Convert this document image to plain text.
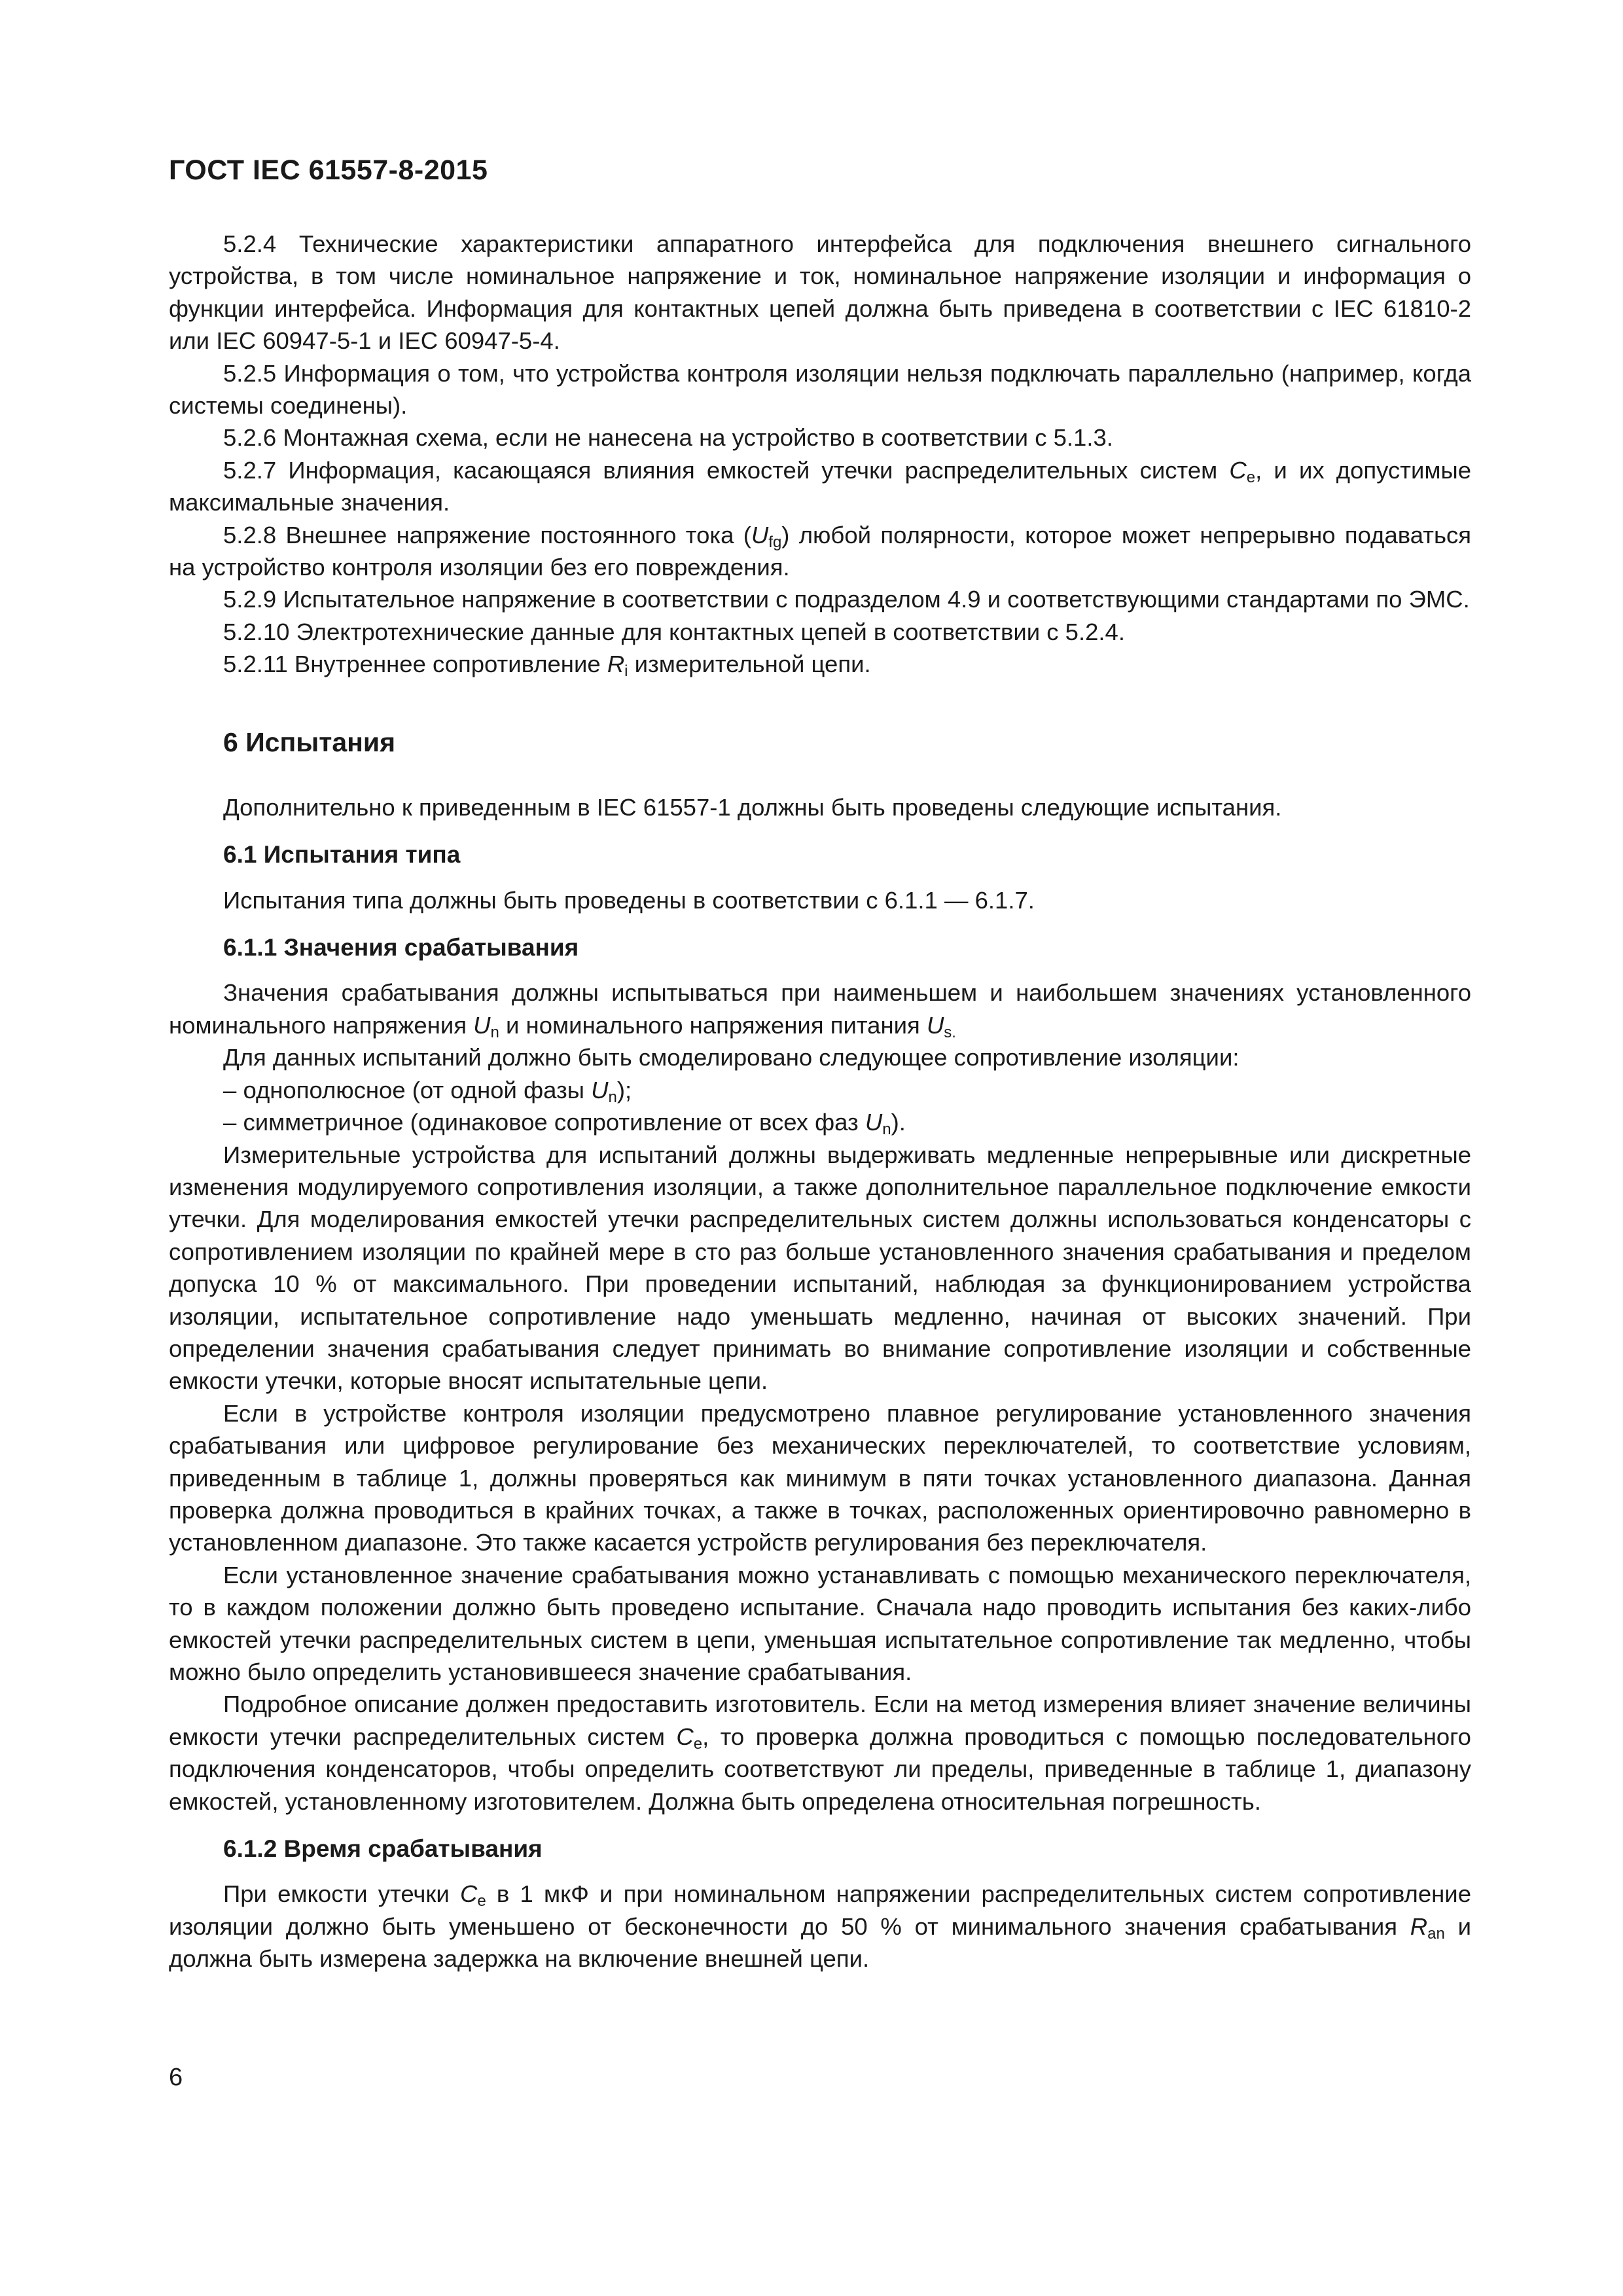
ГОСТ IEC 61557-8-2015

5.2.4 Технические характеристики аппаратного интерфейса для подключения внешнего сигнального устройства, в том числе номинальное напряжение и ток, номинальное напряжение изоляции и информация о функции интерфейса. Информация для контактных цепей должна быть приведена в соответствии с IEC 61810-2 или IEC 60947-5-1 и IEC 60947-5-4.

5.2.5 Информация о том, что устройства контроля изоляции нельзя подключать параллельно (например, когда системы соединены).

5.2.6 Монтажная схема, если не нанесена на устройство в соответствии с 5.1.3.

5.2.7 Информация, касающаяся влияния емкостей утечки распределительных систем $C_e$, и их допустимые максимальные значения.

5.2.8 Внешнее напряжение постоянного тока $(U_{fg})$ любой полярности, которое может непрерывно подаваться на устройство контроля изоляции без его повреждения.

5.2.9 Испытательное напряжение в соответствии с подразделом 4.9 и соответствующими стандартами по ЭМС.

5.2.10 Электротехнические данные для контактных цепей в соответствии с 5.2.4.

5.2.11 Внутреннее сопротивление $R_i$ измерительной цепи.

6 Испытания

Дополнительно к приведенным в IEC 61557-1 должны быть проведены следующие испытания.

6.1 Испытания типа

Испытания типа должны быть проведены в соответствии с 6.1.1 — 6.1.7.

6.1.1 Значения срабатывания

Значения срабатывания должны испытываться при наименьшем и наибольшем значениях установленного номинального напряжения $U_n$ и номинального напряжения питания $U_{s.}$

Для данных испытаний должно быть смоделировано следующее сопротивление изоляции:

– однополюсное (от одной фазы $U_n$);

– симметричное (одинаковое сопротивление от всех фаз $U_n$).

Измерительные устройства для испытаний должны выдерживать медленные непрерывные или дискретные изменения модулируемого сопротивления изоляции, а также дополнительное параллельное подключение емкости утечки. Для моделирования емкостей утечки распределительных систем должны использоваться конденсаторы с сопротивлением изоляции по крайней мере в сто раз больше установленного значения срабатывания и пределом допуска 10 % от максимального. При проведении испытаний, наблюдая за функционированием устройства изоляции, испытательное сопротивление надо уменьшать медленно, начиная от высоких значений. При определении значения срабатывания следует принимать во внимание сопротивление изоляции и собственные емкости утечки, которые вносят испытательные цепи.

Если в устройстве контроля изоляции предусмотрено плавное регулирование установленного значения срабатывания или цифровое регулирование без механических переключателей, то соответствие условиям, приведенным в таблице 1, должны проверяться как минимум в пяти точках установленного диапазона. Данная проверка должна проводиться в крайних точках, а также в точках, расположенных ориентировочно равномерно в установленном диапазоне. Это также касается устройств регулирования без переключателя.

Если установленное значение срабатывания можно устанавливать с помощью механического переключателя, то в каждом положении должно быть проведено испытание. Сначала надо проводить испытания без каких-либо емкостей утечки распределительных систем в цепи, уменьшая испытательное сопротивление так медленно, чтобы можно было определить установившееся значение срабатывания.

Подробное описание должен предоставить изготовитель. Если на метод измерения влияет значение величины емкости утечки распределительных систем $C_e$, то проверка должна проводиться с помощью последовательного подключения конденсаторов, чтобы определить соответствуют ли пределы, приведенные в таблице 1, диапазону емкостей, установленному изготовителем. Должна быть определена относительная погрешность.

6.1.2 Время срабатывания

При емкости утечки $C_e$ в 1 мкФ и при номинальном напряжении распределительных систем сопротивление изоляции должно быть уменьшено от бесконечности до 50 % от минимального значения срабатывания $R_{an}$ и должна быть измерена задержка на включение внешней цепи.

6
